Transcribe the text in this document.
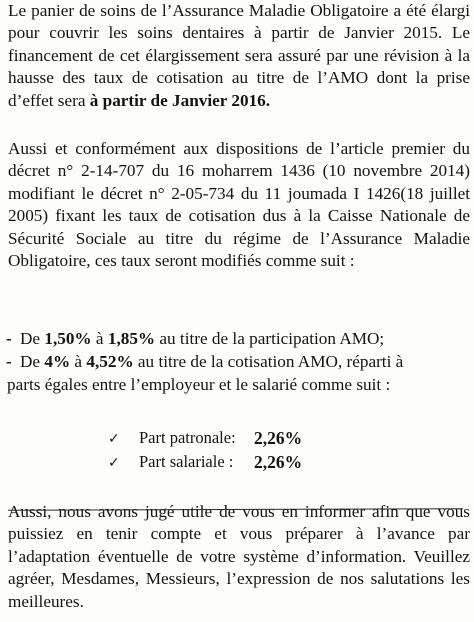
Le panier de soins de l’Assurance Maladie Obligatoire a été élargi pour couvrir les soins dentaires à partir de Janvier 2015. Le financement de cet élargissement sera assuré par une révision à la hausse des taux de cotisation au titre de l’AMO dont la prise d’effet sera à partir de Janvier 2016.

Aussi et conformément aux dispositions de l’article premier du décret n° 2-14-707 du 16 moharrem 1436 (10 novembre 2014) modifiant le décret n° 2-05-734 du 11 joumada I 1426(18 juillet 2005) fixant les taux de cotisation dus à la Caisse Nationale de Sécurité Sociale au titre du régime de l’Assurance Maladie Obligatoire, ces taux seront modifiés comme suit :

- De 1,50% à 1,85% au titre de la participation AMO;
- De 4% à 4,52% au titre de la cotisation AMO, réparti à
parts égales entre l’employeur et le salarié comme suit :
✓ Part patronale: 2,26%
✓ Part salariale : 2,26%

Aussi, nous avons jugé utile de vous en informer afin que vous puissiez en tenir compte et vous préparer à l’avance par l’adaptation éventuelle de votre système d’information. Veuillez agréer, Mesdames, Messieurs, l’expression de nos salutations les meilleures.
